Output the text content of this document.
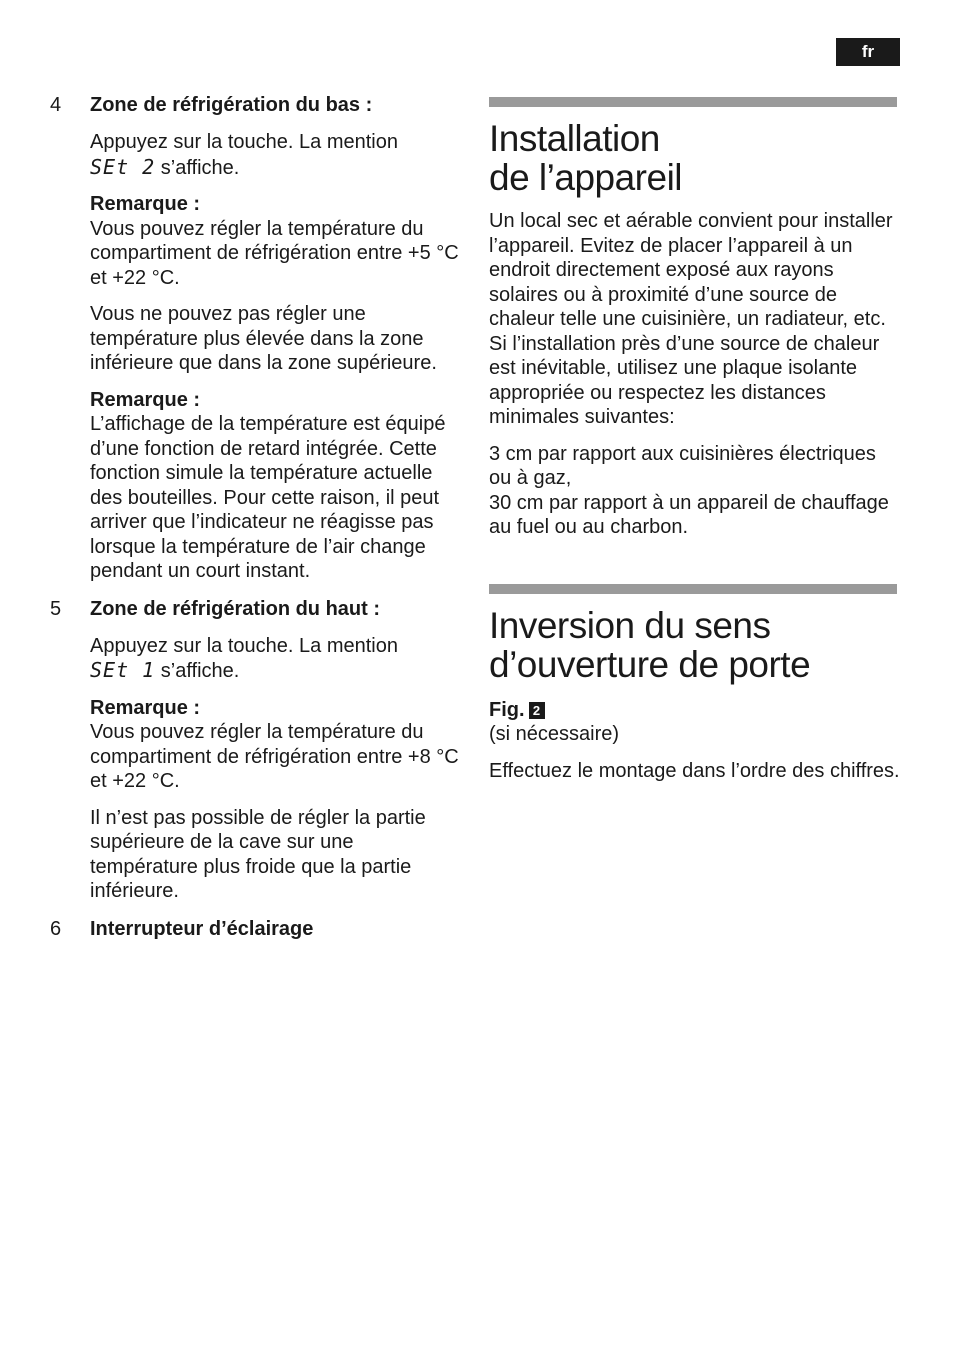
fr
4	Zone de réfrigération du bas :

Appuyez sur la touche. La mention
SEt 2 s’affiche.

Remarque :
Vous pouvez régler la température du compartiment de réfrigération entre +5 °C et +22 °C.

Vous ne pouvez pas régler une température plus élevée dans la zone inférieure que dans la zone supérieure.

Remarque :
L’affichage de la température est équipé d’une fonction de retard intégrée. Cette fonction simule la température actuelle des bouteilles. Pour cette raison, il peut arriver que l’indicateur ne réagisse pas lorsque la température de l’air change pendant un court instant.

5	Zone de réfrigération du haut :

Appuyez sur la touche. La mention
SEt 1 s’affiche.

Remarque :
Vous pouvez régler la température du compartiment de réfrigération entre +8 °C et +22 °C.

Il n’est pas possible de régler la partie supérieure de la cave sur une température plus froide que la partie inférieure.

6	Interrupteur d’éclairage
Installation
de l’appareil

Un local sec et aérable convient pour installer l’appareil. Evitez de placer l’appareil à un endroit directement exposé aux rayons solaires ou à proximité d’une source de chaleur telle une cuisinière, un radiateur, etc. Si l’installation près d’une source de chaleur est inévitable, utilisez une plaque isolante appropriée ou respectez les distances minimales suivantes:

3 cm par rapport aux cuisinières électriques ou à gaz,

30 cm par rapport à un appareil de chauffage au fuel ou au charbon.

Inversion du sens
d’ouverture de porte

Fig. 2
(si nécessaire)

Effectuez le montage dans l’ordre des chiffres.
